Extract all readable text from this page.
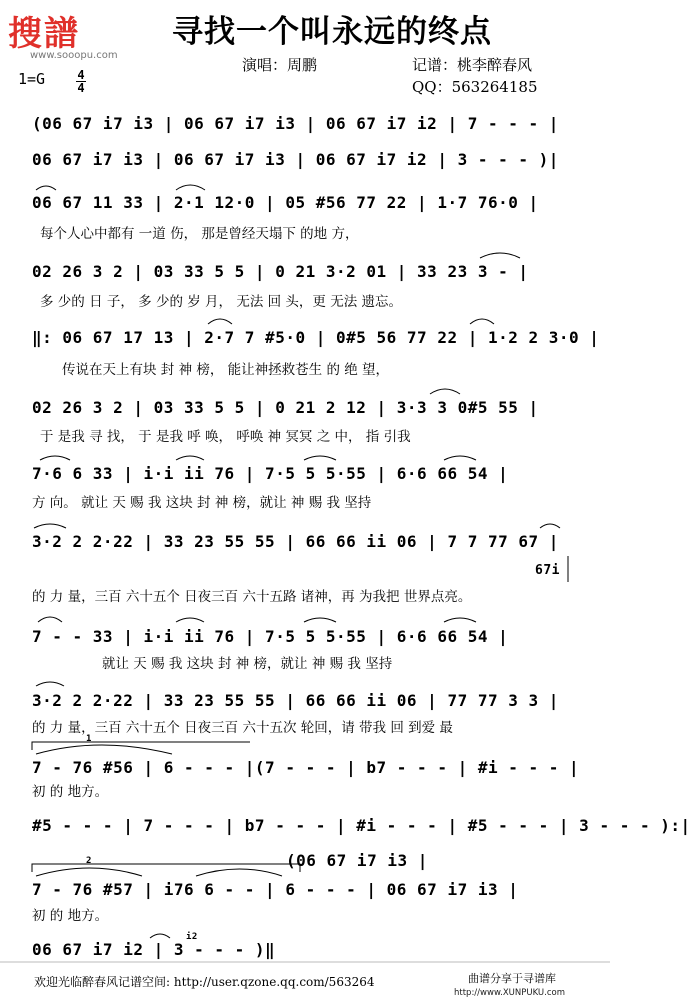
搜譜
www.sooopu.com
寻找一个叫永远的终点
演唱：周鹏	记谱：桃李醉春风
QQ：563264185
1=G	4
4
(06 67 i7 i3 | 06 67 i7 i3 | 06 67 i7 i2 | 7 - - - |
06 67 i7 i3 | 06 67 i7 i3 | 06 67 i7 i2 | 3 - - - )|
06 67 11 33 | 2·1 12·0 | 05 #56 77 22 | 1·7 76·0 |
每个人心中都有 一道 伤， 那是曾经天塌下 的地 方，
02 26 3 2 | 03 33 5 5 | 0 21 3·2 01 | 33 23 3 - |
多 少的 日 子， 多 少的 岁 月， 无法 回 头，更 无法 遗忘。
‖: 06 67 17 13 | 2·7 7 #5·0 | 0#5 56 77 22 | 1·2 2 3·0 |
传说在天上有块 封 神 榜， 能让神拯救苍生 的 绝 望，
02 26 3 2 | 03 33 5 5 | 0 21 2 12 | 3·3 3 0#5 55 |
于 是我 寻 找， 于 是我 呼 唤， 呼唤 神 冥冥 之 中， 指 引我
7·6 6 33 | i·i ii 76 | 7·5 5 5·55 | 6·6 66 54 |
方 向。 就让 天 赐 我 这块 封 神 榜，就让 神 赐 我 坚持
3·2 2 2·22 | 33 23 55 55 | 66 66 ii 06 | 7 7 77 67 |
67i
的 力 量，三百 六十五个 日夜三百 六十五路 诸神，再 为我把 世界点亮。
7 - - 33 | i·i ii 76 | 7·5 5 5·55 | 6·6 66 54 |
就让 天 赐 我 这块 封 神 榜，就让 神 赐 我 坚持
3·2 2 2·22 | 33 23 55 55 | 66 66 ii 06 | 77 77 3 3 |
的 力 量，三百 六十五个 日夜三百 六十五次 轮回，请 带我 回 到爱 最
1
7 - 76 #56 | 6 - - - |(7 - - - | b7 - - - | #i - - - |
初 的 地方。
#5 - - - | 7 - - - | b7 - - - | #i - - - | #5 - - - | 3 - - - ):|
(06 67 i7 i3 |
2
7 - 76 #57 | i76 6 - - | 6 - - - | 06 67 i7 i3 |
初 的 地方。
i2
06 67 i7 i2 | 3 - - - )‖
欢迎光临醉春风记谱空间: http://user.qzone.qq.com/563264	曲谱分享于寻谱库
http://www.XUNPUKU.com
